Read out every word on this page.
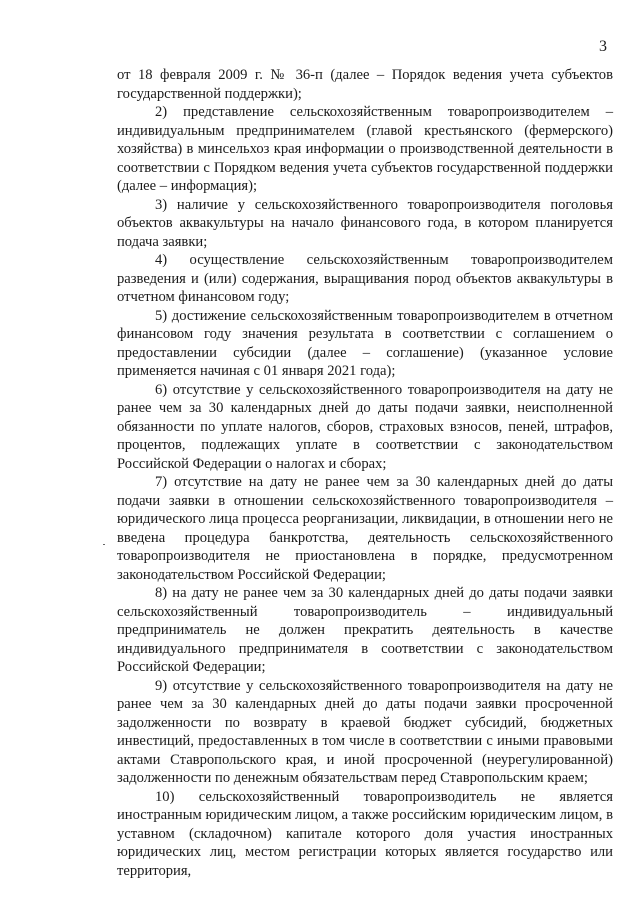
3

от 18 февраля 2009 г. № 36-п (далее – Порядок ведения учета субъектов государственной поддержки);

2) представление сельскохозяйственным товаропроизводителем – индивидуальным предпринимателем (главой крестьянского (фермерского) хозяйства) в минсельхоз края информации о производственной деятельности в соответствии с Порядком ведения учета субъектов государственной поддержки (далее – информация);

3) наличие у сельскохозяйственного товаропроизводителя поголовья объектов аквакультуры на начало финансового года, в котором планируется подача заявки;

4) осуществление сельскохозяйственным товаропроизводителем разведения и (или) содержания, выращивания пород объектов аквакультуры в отчетном финансовом году;

5) достижение сельскохозяйственным товаропроизводителем в отчетном финансовом году значения результата в соответствии с соглашением о предоставлении субсидии (далее – соглашение) (указанное условие применяется начиная с 01 января 2021 года);

6) отсутствие у сельскохозяйственного товаропроизводителя на дату не ранее чем за 30 календарных дней до даты подачи заявки, неисполненной обязанности по уплате налогов, сборов, страховых взносов, пеней, штрафов, процентов, подлежащих уплате в соответствии с законодательством Российской Федерации о налогах и сборах;

7) отсутствие на дату не ранее чем за 30 календарных дней до даты подачи заявки в отношении сельскохозяйственного товаропроизводителя – юридического лица процесса реорганизации, ликвидации, в отношении него не введена процедура банкротства, деятельность сельскохозяйственного товаропроизводителя не приостановлена в порядке, предусмотренном законодательством Российской Федерации;

8) на дату не ранее чем за 30 календарных дней до даты подачи заявки сельскохозяйственный товаропроизводитель – индивидуальный предприниматель не должен прекратить деятельность в качестве индивидуального предпринимателя в соответствии с законодательством Российской Федерации;

9) отсутствие у сельскохозяйственного товаропроизводителя на дату не ранее чем за 30 календарных дней до даты подачи заявки просроченной задолженности по возврату в краевой бюджет субсидий, бюджетных инвестиций, предоставленных в том числе в соответствии с иными правовыми актами Ставропольского края, и иной просроченной (неурегулированной) задолженности по денежным обязательствам перед Ставропольским краем;

10) сельскохозяйственный товаропроизводитель не является иностранным юридическим лицом, а также российским юридическим лицом, в уставном (складочном) капитале которого доля участия иностранных юридических лиц, местом регистрации которых является государство или территория,
